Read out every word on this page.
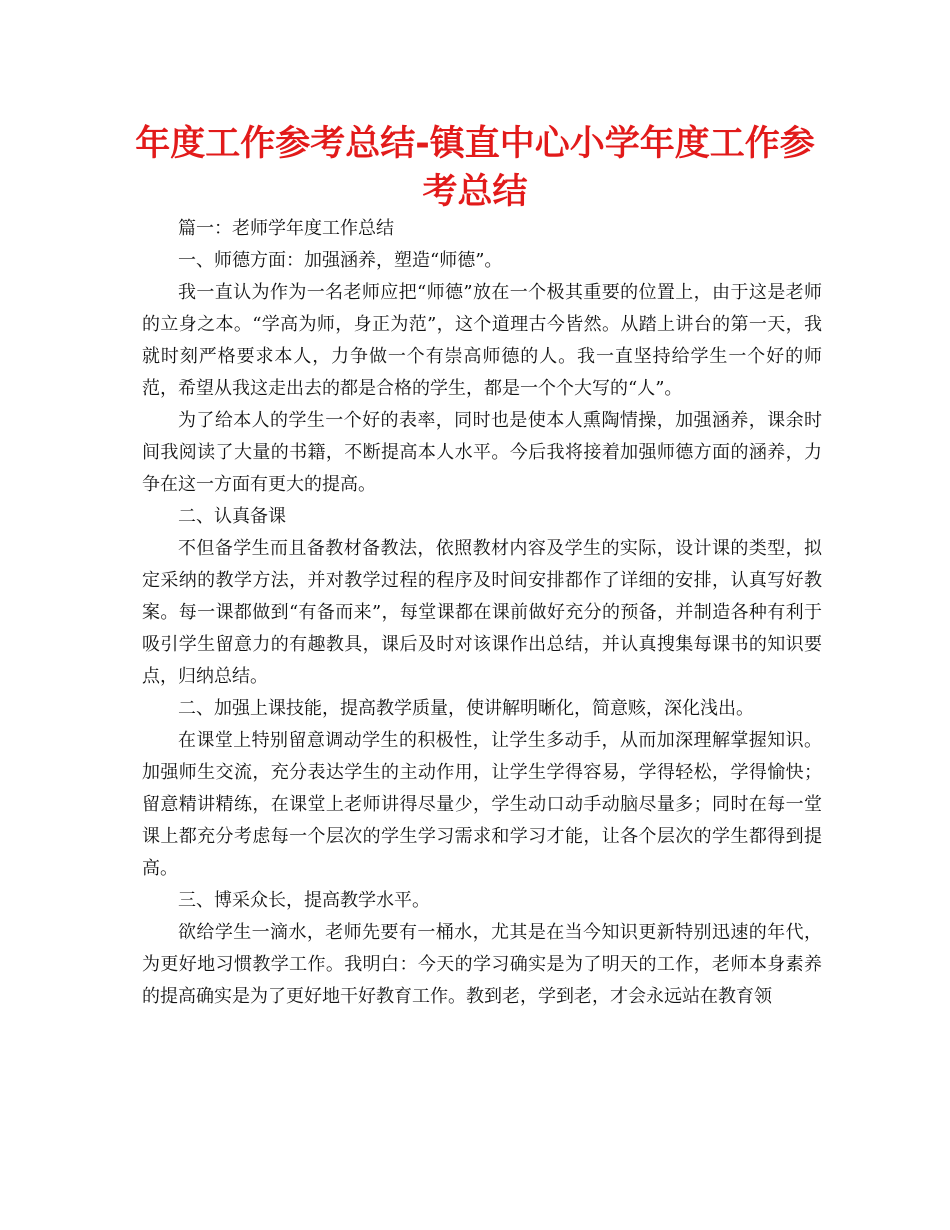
年度工作参考总结-镇直中心小学年度工作参考总结

篇一：老师学年度工作总结

一、师德方面：加强涵养，塑造“师德”。

我一直认为作为一名老师应把“师德”放在一个极其重要的位置上，由于这是老师的立身之本。“学高为师，身正为范”，这个道理古今皆然。从踏上讲台的第一天，我就时刻严格要求本人，力争做一个有崇高师德的人。我一直坚持给学生一个好的师范，希望从我这走出去的都是合格的学生，都是一个个大写的“人”。

为了给本人的学生一个好的表率，同时也是使本人熏陶情操，加强涵养，课余时间我阅读了大量的书籍，不断提高本人水平。今后我将接着加强师德方面的涵养，力争在这一方面有更大的提高。

二、认真备课

不但备学生而且备教材备教法，依照教材内容及学生的实际，设计课的类型，拟定采纳的教学方法，并对教学过程的程序及时间安排都作了详细的安排，认真写好教案。每一课都做到“有备而来”，每堂课都在课前做好充分的预备，并制造各种有利于吸引学生留意力的有趣教具，课后及时对该课作出总结，并认真搜集每课书的知识要点，归纳总结。

二、加强上课技能，提高教学质量，使讲解明晰化，简意赅，深化浅出。

在课堂上特别留意调动学生的积极性，让学生多动手，从而加深理解掌握知识。加强师生交流，充分表达学生的主动作用，让学生学得容易，学得轻松，学得愉快；留意精讲精练，在课堂上老师讲得尽量少，学生动口动手动脑尽量多；同时在每一堂课上都充分考虑每一个层次的学生学习需求和学习才能，让各个层次的学生都得到提高。

三、博采众长，提高教学水平。

欲给学生一滴水，老师先要有一桶水，尤其是在当今知识更新特别迅速的年代，为更好地习惯教学工作。我明白：今天的学习确实是为了明天的工作，老师本身素养的提高确实是为了更好地干好教育工作。教到老，学到老，才会永远站在教育领
